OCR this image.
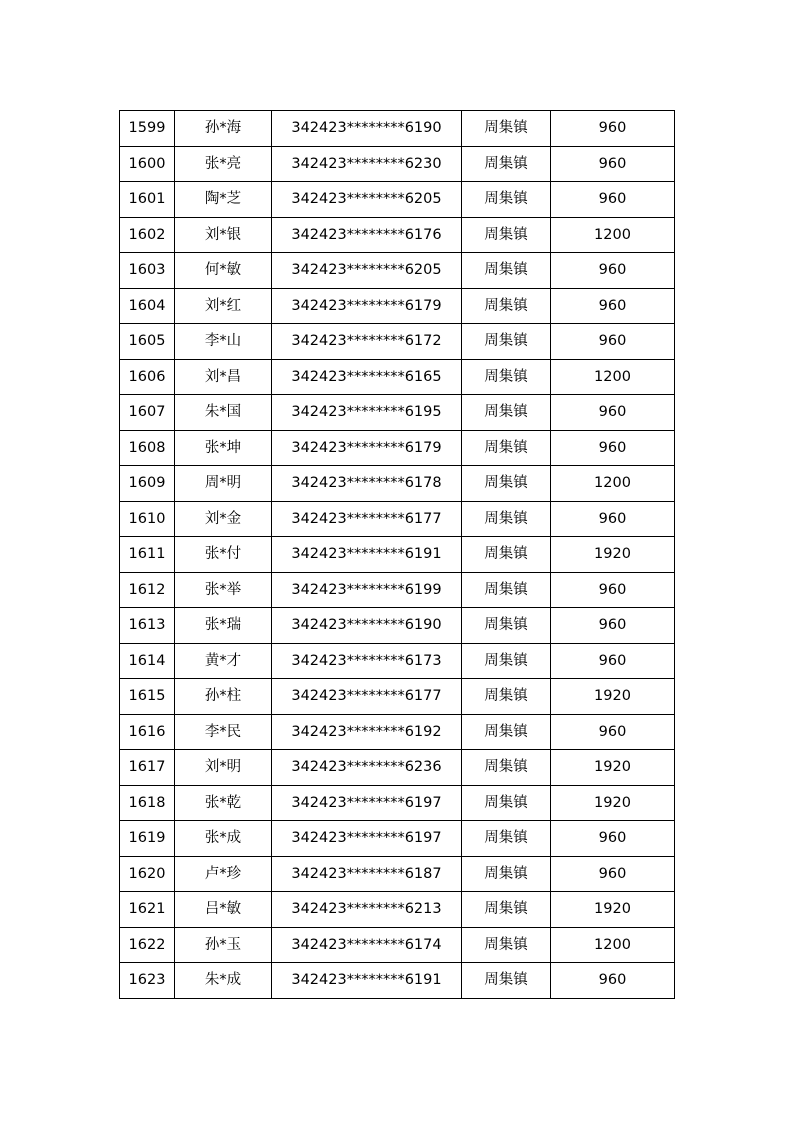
1599	孙*海	342423********6190	周集镇	960
1600	张*亮	342423********6230	周集镇	960
1601	陶*芝	342423********6205	周集镇	960
1602	刘*银	342423********6176	周集镇	1200
1603	何*敏	342423********6205	周集镇	960
1604	刘*红	342423********6179	周集镇	960
1605	李*山	342423********6172	周集镇	960
1606	刘*昌	342423********6165	周集镇	1200
1607	朱*国	342423********6195	周集镇	960
1608	张*坤	342423********6179	周集镇	960
1609	周*明	342423********6178	周集镇	1200
1610	刘*金	342423********6177	周集镇	960
1611	张*付	342423********6191	周集镇	1920
1612	张*举	342423********6199	周集镇	960
1613	张*瑞	342423********6190	周集镇	960
1614	黄*才	342423********6173	周集镇	960
1615	孙*柱	342423********6177	周集镇	1920
1616	李*民	342423********6192	周集镇	960
1617	刘*明	342423********6236	周集镇	1920
1618	张*乾	342423********6197	周集镇	1920
1619	张*成	342423********6197	周集镇	960
1620	卢*珍	342423********6187	周集镇	960
1621	吕*敏	342423********6213	周集镇	1920
1622	孙*玉	342423********6174	周集镇	1200
1623	朱*成	342423********6191	周集镇	960
